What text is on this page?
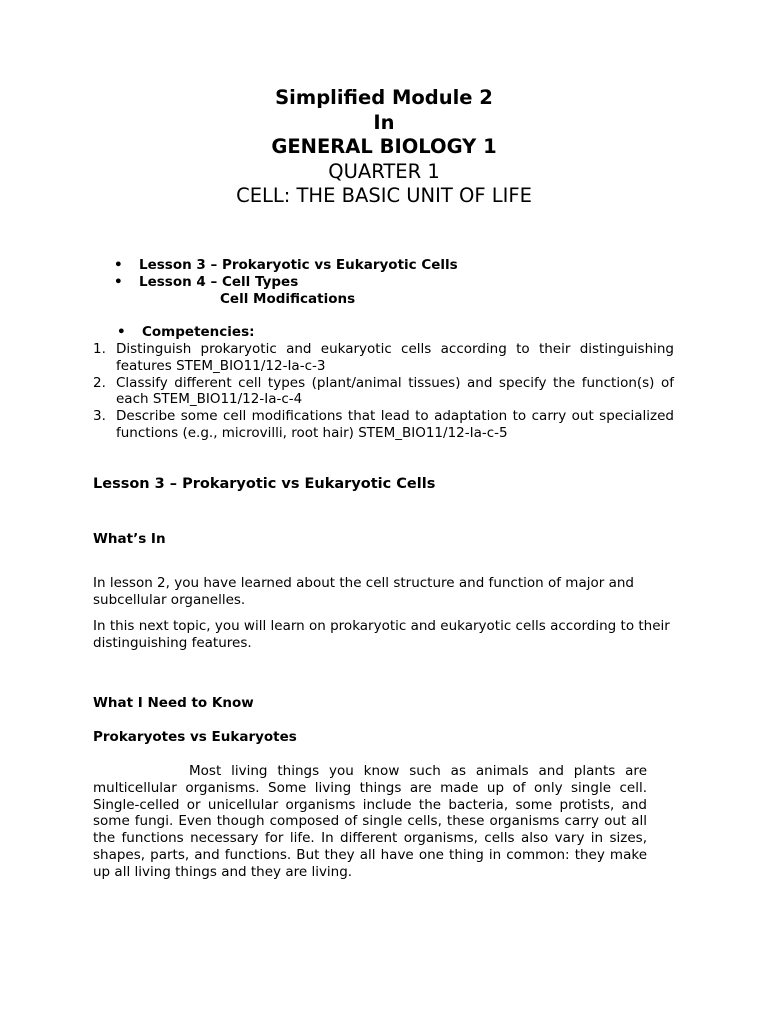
Simplified Module 2
In
GENERAL BIOLOGY 1
QUARTER 1
CELL: THE BASIC UNIT OF LIFE
• Lesson 3 – Prokaryotic vs Eukaryotic Cells
• Lesson 4 – Cell Types
Cell Modifications
• Competencies:
1. Distinguish prokaryotic and eukaryotic cells according to their distinguishing features STEM_BIO11/12-Ia-c-3
2. Classify different cell types (plant/animal tissues) and specify the function(s) of each STEM_BIO11/12-Ia-c-4
3. Describe some cell modifications that lead to adaptation to carry out specialized functions (e.g., microvilli, root hair) STEM_BIO11/12-Ia-c-5
Lesson 3 – Prokaryotic vs Eukaryotic Cells
What’s In
In lesson 2, you have learned about the cell structure and function of major and subcellular organelles.
In this next topic, you will learn on prokaryotic and eukaryotic cells according to their distinguishing features.
What I Need to Know
Prokaryotes vs Eukaryotes
Most living things you know such as animals and plants are multicellular organisms. Some living things are made up of only single cell. Single-celled or unicellular organisms include the bacteria, some protists, and some fungi. Even though composed of single cells, these organisms carry out all the functions necessary for life. In different organisms, cells also vary in sizes, shapes, parts, and functions. But they all have one thing in common: they make up all living things and they are living.
